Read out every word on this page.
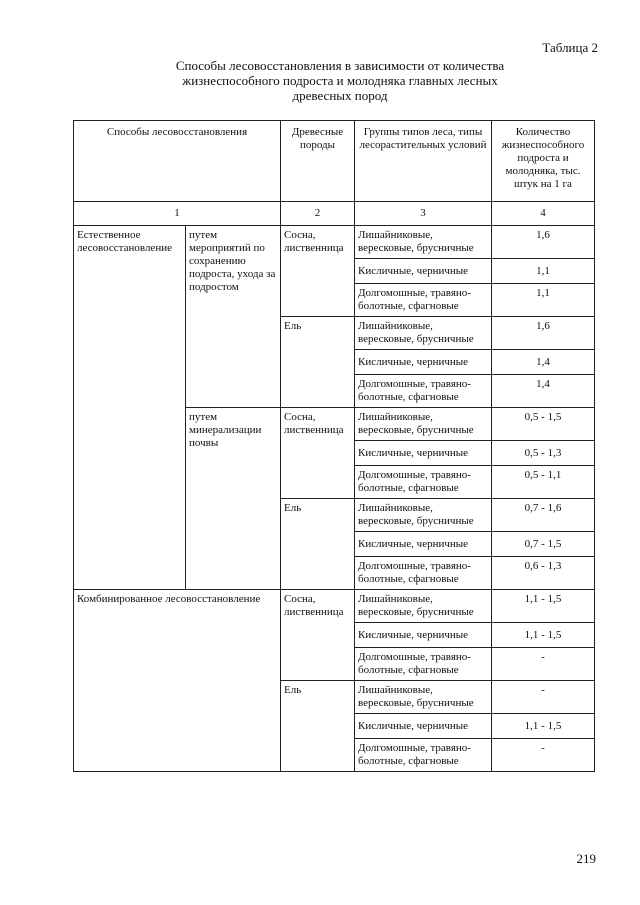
Таблица 2
Способы лесовосстановления в зависимости от количества
жизнеспособного подроста и молодняка главных лесных
древесных пород
Способы лесовосстановления		Древесные породы	Группы типов леса, типы лесорастительных условий	Количество жизнеспособного подроста и молодняка, тыс. штук на 1 га
1		2	3	4
Естественное лесовосстановление	путем мероприятий по сохранению подроста, ухода за подростом	Сосна, лиственница	Лишайниковые, вересковые, брусничные	1,6
			Кисличные, черничные	1,1
			Долгомошные, травяно-болотные, сфагновые	1,1
		Ель	Лишайниковые, вересковые, брусничные	1,6
			Кисличные, черничные	1,4
			Долгомошные, травяно-болотные, сфагновые	1,4
	путем минерализации почвы	Сосна, лиственница	Лишайниковые, вересковые, брусничные	0,5 - 1,5
			Кисличные, черничные	0,5 - 1,3
			Долгомошные, травяно-болотные, сфагновые	0,5 - 1,1
		Ель	Лишайниковые, вересковые, брусничные	0,7 - 1,6
			Кисличные, черничные	0,7 - 1,5
			Долгомошные, травяно-болотные, сфагновые	0,6 - 1,3
Комбинированное лесовосстановление		Сосна, лиственница	Лишайниковые, вересковые, брусничные	1,1 - 1,5
			Кисличные, черничные	1,1 - 1,5
			Долгомошные, травяно-болотные, сфагновые	-
		Ель	Лишайниковые, вересковые, брусничные	-
			Кисличные, черничные	1,1 - 1,5
			Долгомошные, травяно-болотные, сфагновые	-
219
